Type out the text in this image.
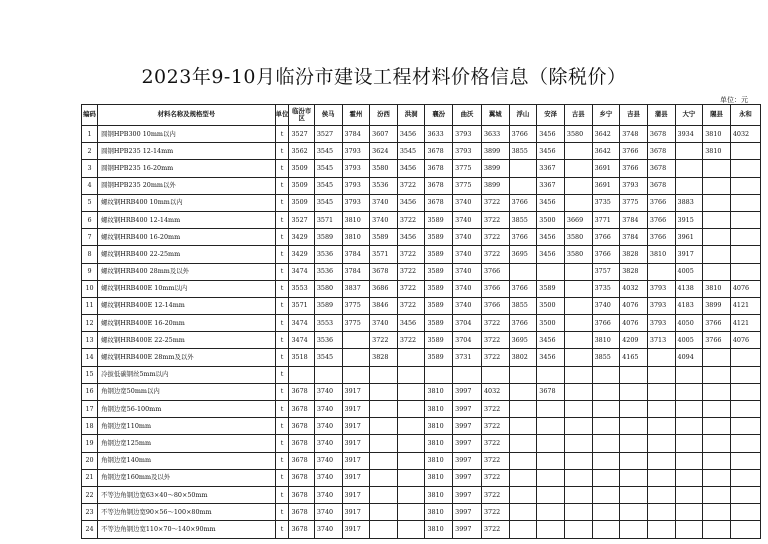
2023年9-10月临汾市建设工程材料价格信息（除税价）
单位：元
编码	材料名称及规格型号	单位	临汾市区	侯马	霍州	汾西	洪洞	襄汾	曲沃	翼城	浮山	安泽	古县	乡宁	吉县	蒲县	大宁	隰县	永和
1	圆钢HPB300 10mm以内	t	3527	3527	3784	3607	3456	3633	3793	3633	3766	3456	3580	3642	3748	3678	3934	3810	4032
2	圆钢HPB235 12-14mm	t	3562	3545	3793	3624	3545	3678	3793	3899	3855	3456		3642	3766	3678		3810	
3	圆钢HPB235 16-20mm	t	3509	3545	3793	3580	3456	3678	3775	3899		3367		3691	3766	3678			
4	圆钢HPB235 20mm以外	t	3509	3545	3793	3536	3722	3678	3775	3899		3367		3691	3793	3678			
5	螺纹钢HRB400 10mm以内	t	3509	3545	3793	3740	3456	3678	3740	3722	3766	3456		3735	3775	3766	3883		
6	螺纹钢HRB400 12-14mm	t	3527	3571	3810	3740	3722	3589	3740	3722	3855	3500	3669	3771	3784	3766	3915		
7	螺纹钢HRB400 16-20mm	t	3429	3589	3810	3589	3456	3589	3740	3722	3766	3456	3580	3766	3784	3766	3961		
8	螺纹钢HRB400 22-25mm	t	3429	3536	3784	3571	3722	3589	3740	3722	3695	3456	3580	3766	3828	3810	3917		
9	螺纹钢HRB400 28mm及以外	t	3474	3536	3784	3678	3722	3589	3740	3766				3757	3828		4005		
10	螺纹钢HRB400E 10mm以内	t	3553	3580	3837	3686	3722	3589	3740	3766	3766	3589		3735	4032	3793	4138	3810	4076
11	螺纹钢HRB400E 12-14mm	t	3571	3589	3775	3846	3722	3589	3740	3766	3855	3500		3740	4076	3793	4183	3899	4121
12	螺纹钢HRB400E 16-20mm	t	3474	3553	3775	3740	3456	3589	3704	3722	3766	3500		3766	4076	3793	4050	3766	4121
13	螺纹钢HRB400E 22-25mm	t	3474	3536		3722	3722	3589	3704	3722	3695	3456		3810	4209	3713	4005	3766	4076
14	螺纹钢HRB400E 28mm及以外	t	3518	3545		3828		3589	3731	3722	3802	3456		3855	4165		4094		
15	冷拔低碳钢丝5mm以内	t																	
16	角钢边宽50mm以内	t	3678	3740	3917			3810	3997	4032		3678							
17	角钢边宽56-100mm	t	3678	3740	3917			3810	3997	3722									
18	角钢边宽110mm	t	3678	3740	3917			3810	3997	3722									
19	角钢边宽125mm	t	3678	3740	3917			3810	3997	3722									
20	角钢边宽140mm	t	3678	3740	3917			3810	3997	3722									
21	角钢边宽160mm及以外	t	3678	3740	3917			3810	3997	3722									
22	不等边角钢边宽63×40～80×50mm	t	3678	3740	3917			3810	3997	3722									
23	不等边角钢边宽90×56～100×80mm	t	3678	3740	3917			3810	3997	3722									
24	不等边角钢边宽110×70～140×90mm	t	3678	3740	3917			3810	3997	3722									
